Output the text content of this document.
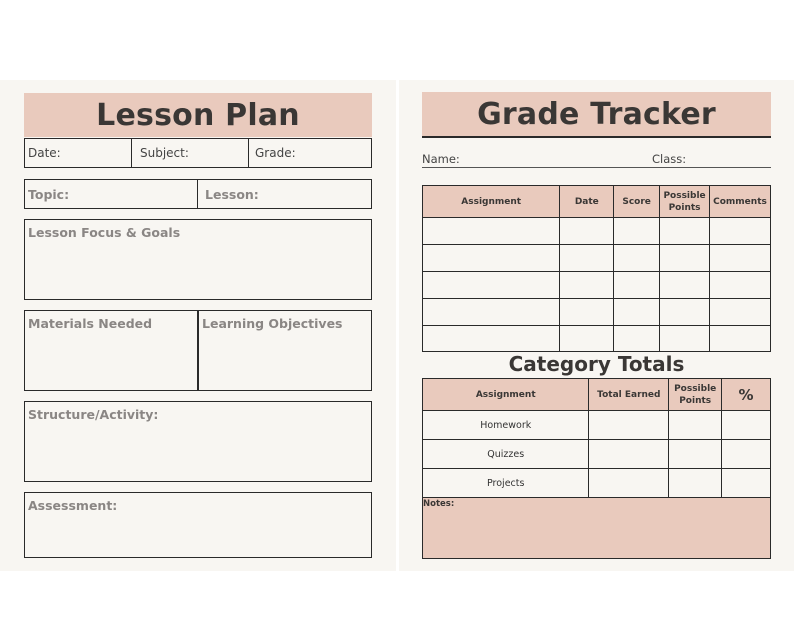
Lesson Plan
Date:	Subject:	Grade:
Topic:	Lesson:
Lesson Focus & Goals
Materials Needed	Learning Objectives
Structure/Activity:
Assessment:
Grade Tracker
Name:	Class:
Assignment	Date	Score	Possible Points	Comments

Category Totals
Assignment	Total Earned	Possible Points	%
Homework			
Quizzes			
Projects			
Notes:
